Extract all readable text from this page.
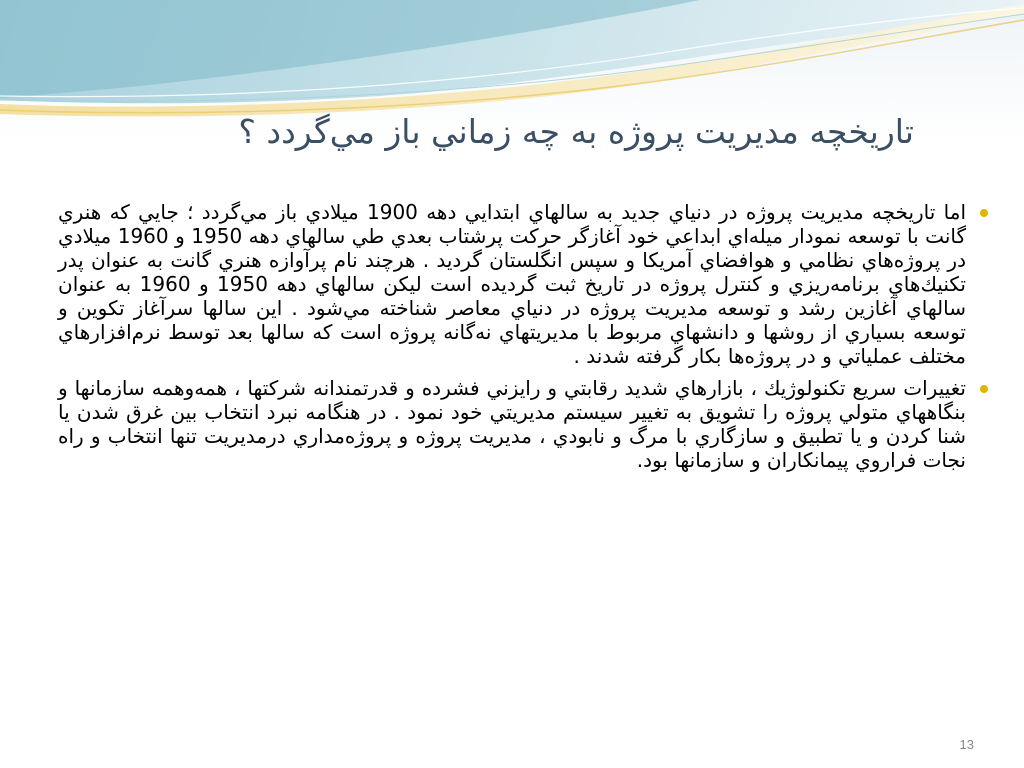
تاريخچه مديريت پروژه به چه زماني باز مي‌گردد ؟
اما تاريخچه مديريت پروژه در دنياي جديد به سالهاي ابتدايي دهه 1900 ميلادي باز مي‌گردد ؛ جايي كه هنري گانت با توسعه نمودار ميله‌اي ابداعي خود آغازگر حركت پرشتاب بعدي طي سالهاي دهه 1950 و 1960 ميلادي در پروژه‌هاي نظامي و هوافضاي آمريكا و سپس انگلستان گرديد . هرچند نام پرآوازه هنري گانت به عنوان پدر تكنيك‌هاي برنامه‌ريزي و كنترل پروژه در تاريخ ثبت گرديده است ليكن سالهاي دهه 1950 و 1960 به عنوان سالهاي آغازين رشد و توسعه مديريت پروژه در دنياي معاصر شناخته مي‌شود . اين سالها سرآغاز تكوين و توسعه بسياري از روشها و دانشهاي مربوط با مديريتهاي نه‌گانه پروژه است كه سالها بعد توسط نرم‌افزارهاي مختلف عملياتي و در پروژه‌ها بكار گرفته شدند .
تغييرات سريع تكنولوژيك ، بازارهاي شديد رقابتي و رايزني فشرده و قدرتمندانه شركتها ، همه‌وهمه سازمانها و بنگاههاي متولي پروژه را تشويق به تغيير سيستم مديريتي خود نمود . در هنگامه نبرد انتخاب بين غرق شدن يا شنا كردن و يا تطبيق و سازگاري با مرگ و نابودي ، مديريت پروژه و پروژه‌مداري درمديريت تنها انتخاب و راه نجات فراروي پيمانكاران و سازمانها بود.
13
